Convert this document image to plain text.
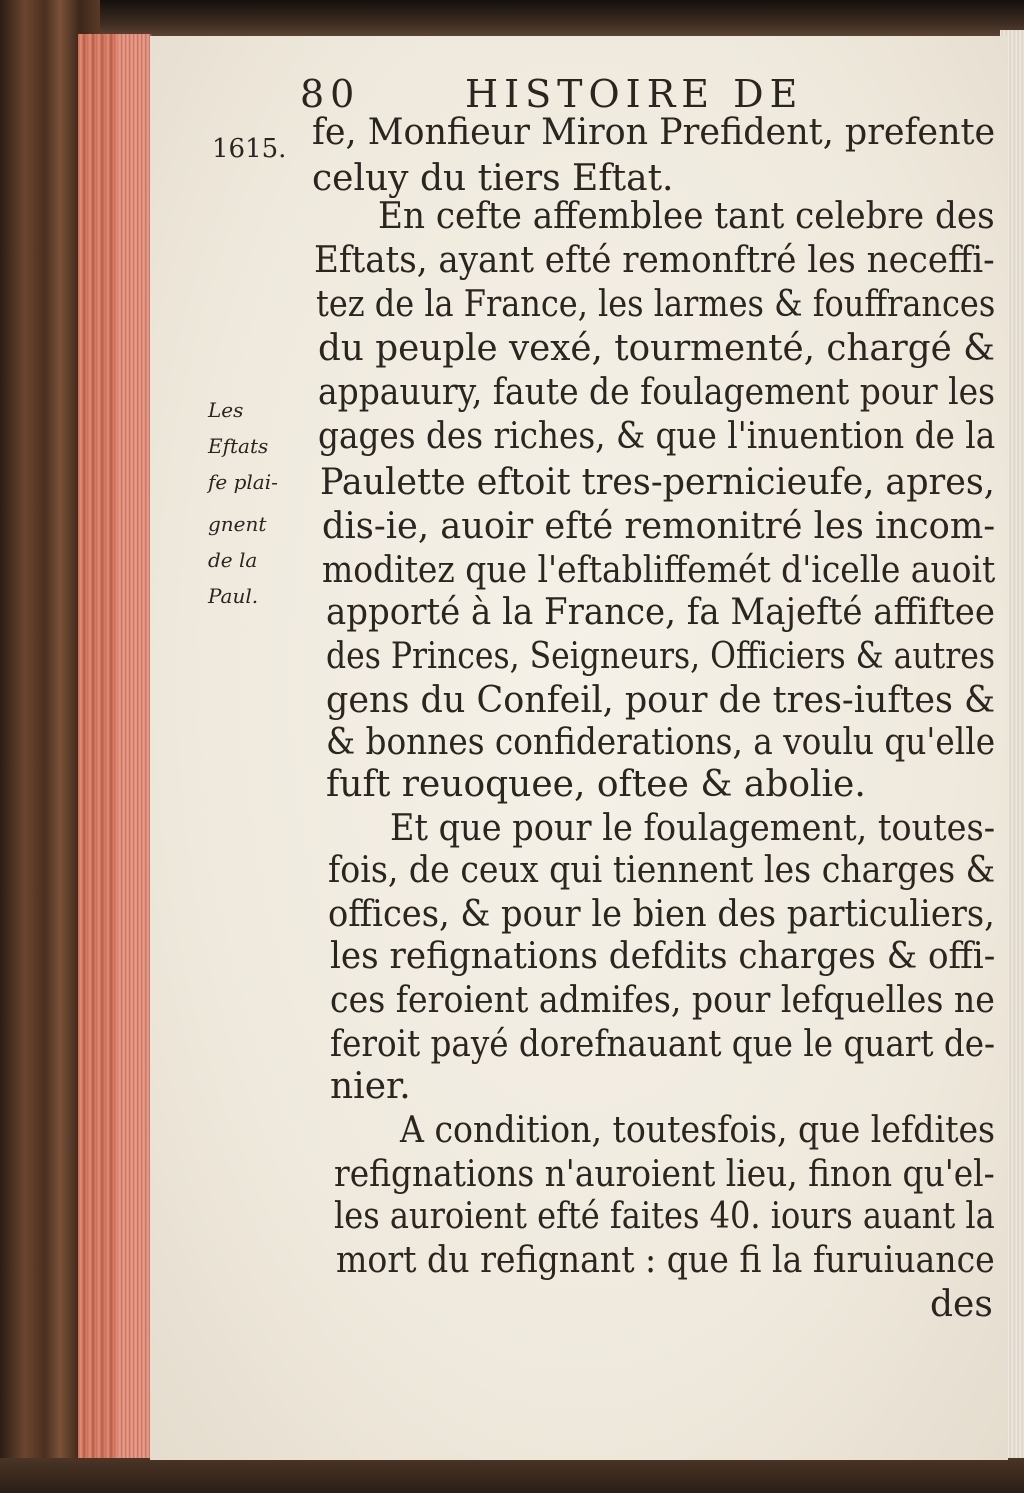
80	HISTOIRE DE
1615.
Les
Eftats
fe plai-
gnent
de la
Paul.
fe, Monfieur Miron Prefident, prefente
celuy du tiers Eftat.
En cefte affemblee tant celebre des
Eftats, ayant efté remonftré les neceffi-
tez de la France, les larmes & fouffrances
du peuple vexé, tourmenté, chargé &
appauury, faute de foulagement pour les
gages des riches, & que l'inuention de la
Paulette eftoit tres-pernicieufe, apres,
dis-ie, auoir efté remonitré les incom-
moditez que l'eftabliffemét d'icelle auoit
apporté à la France, fa Majefté affiftee
des Princes, Seigneurs, Officiers & autres
gens du Confeil, pour de tres-iuftes &
& bonnes confiderations, a voulu qu'elle
fuft reuoquee, oftee & abolie.
Et que pour le foulagement, toutes-
fois, de ceux qui tiennent les charges &
offices, & pour le bien des particuliers,
les refignations defdits charges & offi-
ces feroient admifes, pour lefquelles ne
feroit payé dorefnauant que le quart de-
nier.
A condition, toutesfois, que lefdites
refignations n'auroient lieu, finon qu'el-
les auroient efté faites 40. iours auant la
mort du refignant : que fi la furuiuance
des
